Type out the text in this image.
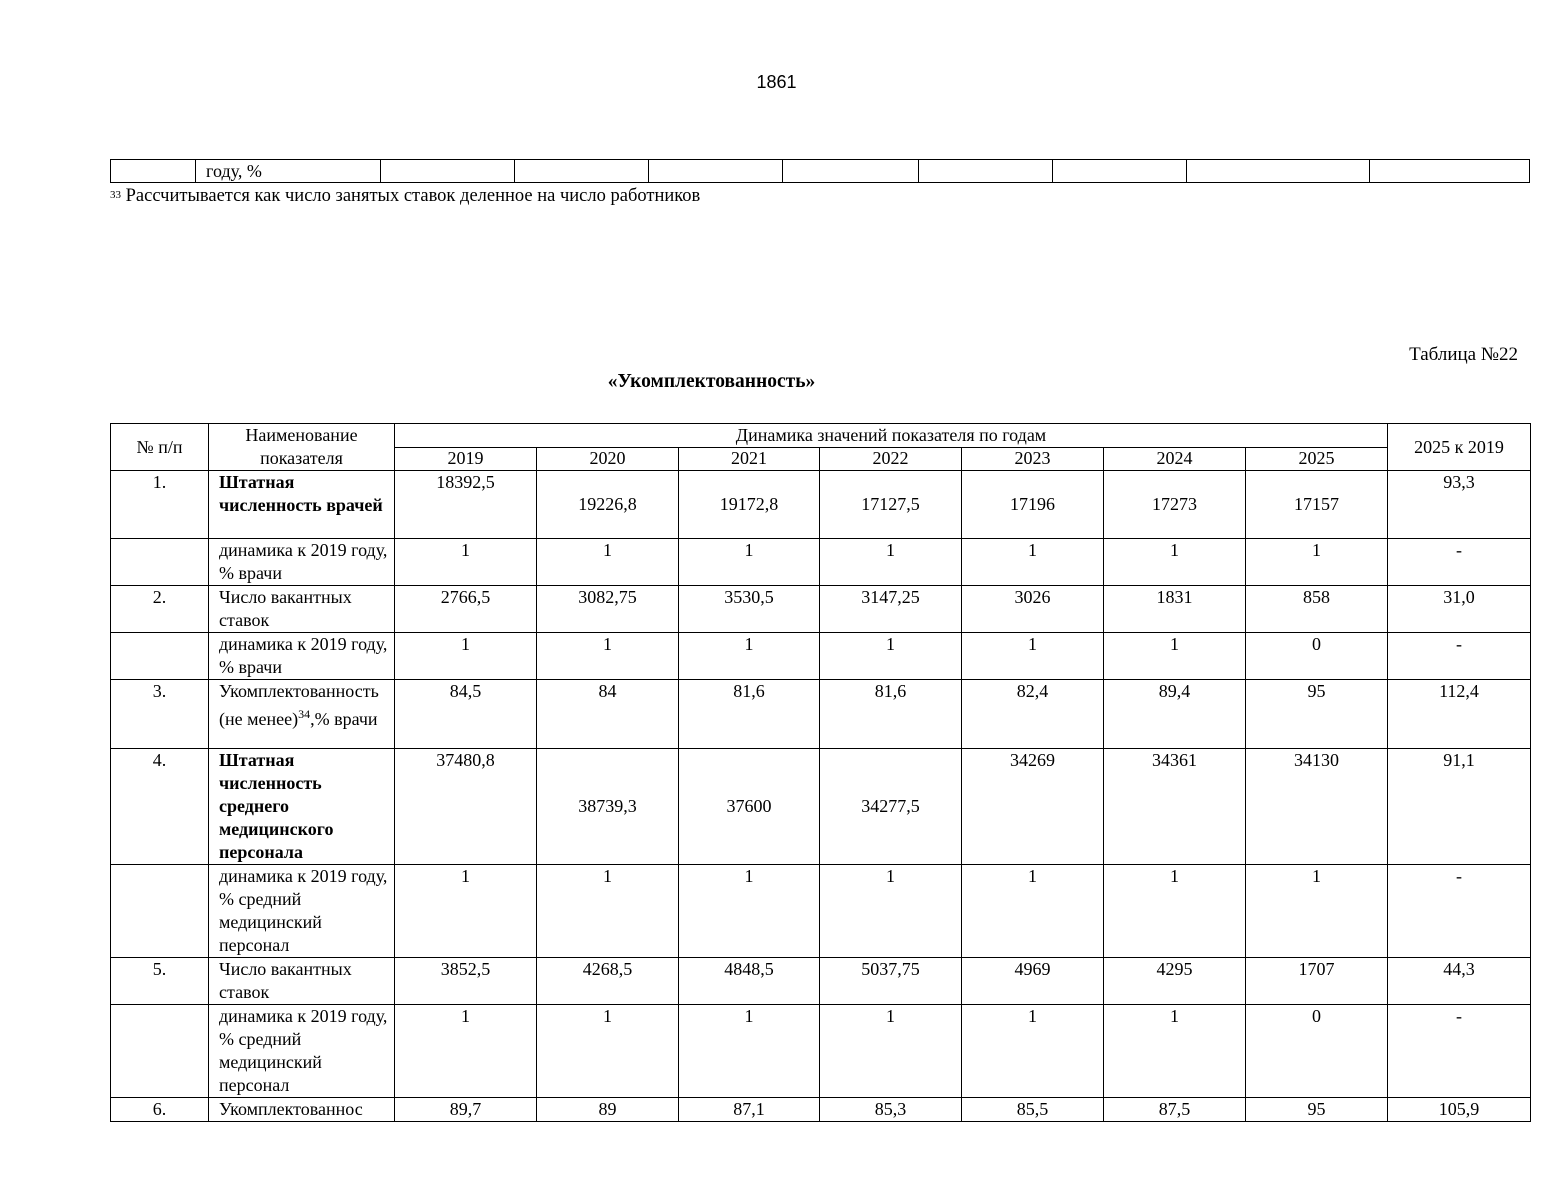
1861
	году, %								
$^{33}$ Рассчитывается как число занятых ставок деленное на число работников
Таблица №22
«Укомплектованность»
№ п/п	Наименование показателя	Динамика значений показателя по годам							2025 к 2019
		2019	2020	2021	2022	2023	2024	2025	
1.	Штатная численность врачей	18392,5	19226,8	19172,8	17127,5	17196	17273	17157	93,3
	динамика к 2019 году, % врачи	1	1	1	1	1	1	1	-
2.	Число вакантных ставок	2766,5	3082,75	3530,5	3147,25	3026	1831	858	31,0
	динамика к 2019 году, % врачи	1	1	1	1	1	1	0	-
3.	Укомплектованность (не менее)$^{34}$,% врачи	84,5	84	81,6	81,6	82,4	89,4	95	112,4
4.	Штатная численность среднего медицинского персонала	37480,8	38739,3	37600	34277,5	34269	34361	34130	91,1
	динамика к 2019 году, % средний медицинский персонал	1	1	1	1	1	1	1	-
5.	Число вакантных ставок	3852,5	4268,5	4848,5	5037,75	4969	4295	1707	44,3
	динамика к 2019 году, % средний медицинский персонал	1	1	1	1	1	1	0	-
6.	Укомплектованнос	89,7	89	87,1	85,3	85,5	87,5	95	105,9
